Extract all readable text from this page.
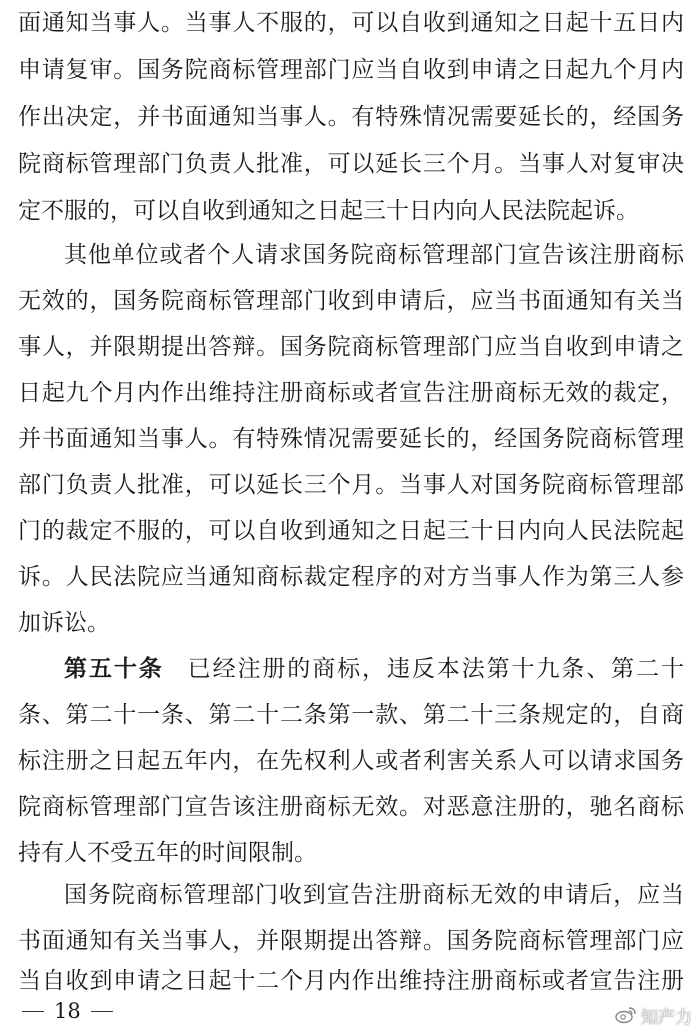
面通知当事人。当事人不服的，可以自收到通知之日起十五日内
申请复审。国务院商标管理部门应当自收到申请之日起九个月内
作出决定，并书面通知当事人。有特殊情况需要延长的，经国务
院商标管理部门负责人批准，可以延长三个月。当事人对复审决
定不服的，可以自收到通知之日起三十日内向人民法院起诉。
其他单位或者个人请求国务院商标管理部门宣告该注册商标
无效的，国务院商标管理部门收到申请后，应当书面通知有关当
事人，并限期提出答辩。国务院商标管理部门应当自收到申请之
日起九个月内作出维持注册商标或者宣告注册商标无效的裁定，
并书面通知当事人。有特殊情况需要延长的，经国务院商标管理
部门负责人批准，可以延长三个月。当事人对国务院商标管理部
门的裁定不服的，可以自收到通知之日起三十日内向人民法院起
诉。人民法院应当通知商标裁定程序的对方当事人作为第三人参
加诉讼。
第五十条 已经注册的商标，违反本法第十九条、第二十
条、第二十一条、第二十二条第一款、第二十三条规定的，自商
标注册之日起五年内，在先权利人或者利害关系人可以请求国务
院商标管理部门宣告该注册商标无效。对恶意注册的，驰名商标
持有人不受五年的时间限制。
国务院商标管理部门收到宣告注册商标无效的申请后，应当
书面通知有关当事人，并限期提出答辩。国务院商标管理部门应
当自收到申请之日起十二个月内作出维持注册商标或者宣告注册
18	知产力
